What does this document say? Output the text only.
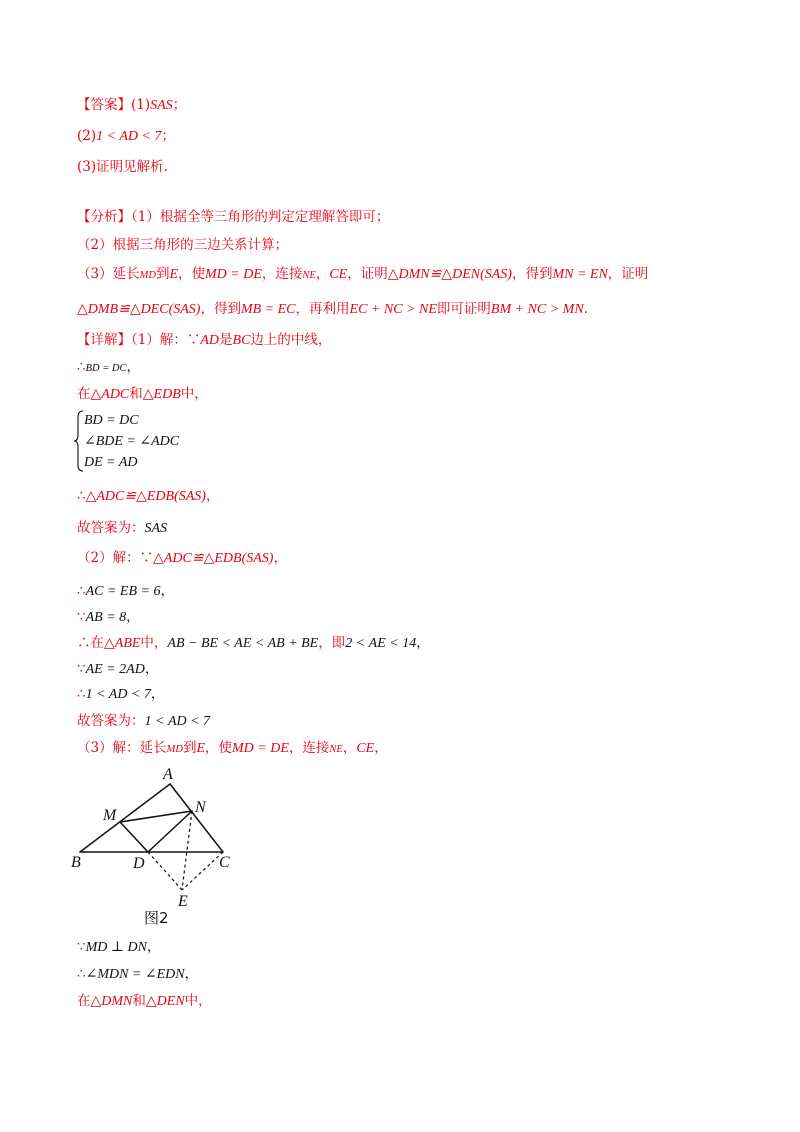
【答案】(1)SAS；
(2)1 < AD < 7；
(3)证明见解析.
【分析】（1）根据全等三角形的判定定理解答即可；
（2）根据三角形的三边关系计算；
（3）延长MD到E，使MD = DE，连接NE，CE，证明△DMN≌△DEN(SAS)，得到MN = EN，证明
△DMB≌△DEC(SAS)，得到MB = EC，再利用EC + NC > NE即可证明BM + NC > MN.
【详解】（1）解：∵AD是BC边上的中线，
∴BD = DC，
在△ADC和△EDB中，
BD = DC
∠BDE = ∠ADC
DE = AD
∴△ADC≌△EDB(SAS)，
故答案为：SAS
（2）解：∵△ADC≌△EDB(SAS)，
∴AC = EB = 6，
∵AB = 8，
∴在△ABE中，AB − BE < AE < AB + BE，即2 < AE < 14，
∵AE = 2AD，
∴1 < AD < 7，
故答案为：1 < AD < 7
（3）解：延长MD到E，使MD = DE，连接NE，CE，
A
N
M
B	D	C
E
图2
∵MD ⊥ DN，
∴∠MDN = ∠EDN，
在△DMN和△DEN中，
